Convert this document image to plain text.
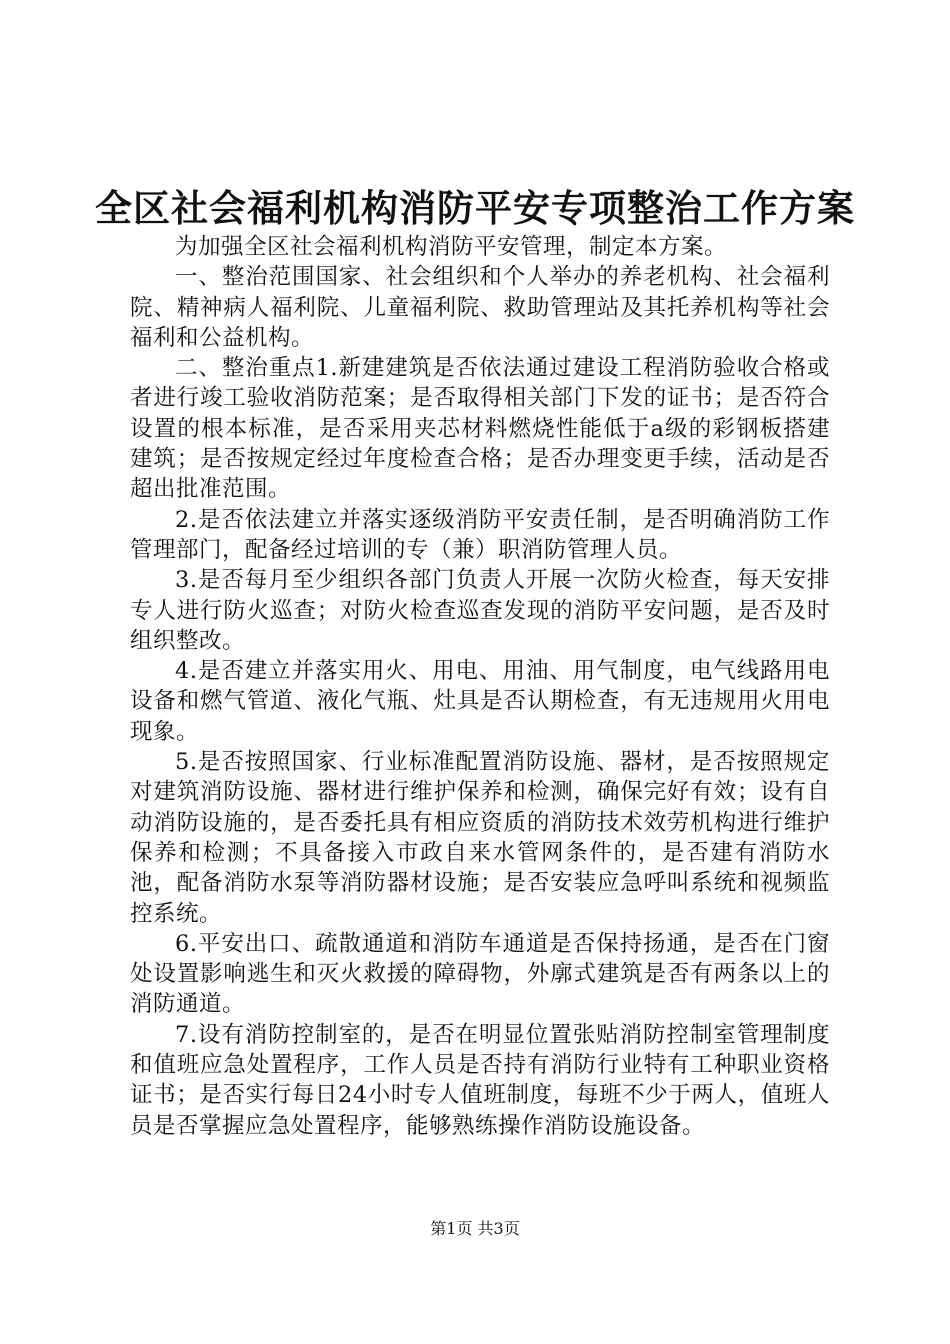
全区社会福利机构消防平安专项整治工作方案

为加强全区社会福利机构消防平安管理，制定本方案。

一、整治范围国家、社会组织和个人举办的养老机构、社会福利院、精神病人福利院、儿童福利院、救助管理站及其托养机构等社会福利和公益机构。

二、整治重点1.新建建筑是否依法通过建设工程消防验收合格或者进行竣工验收消防范案；是否取得相关部门下发的证书；是否符合设置的根本标准，是否采用夹芯材料燃烧性能低于a级的彩钢板搭建建筑；是否按规定经过年度检查合格；是否办理变更手续，活动是否超出批准范围。

2.是否依法建立并落实逐级消防平安责任制，是否明确消防工作管理部门，配备经过培训的专（兼）职消防管理人员。

3.是否每月至少组织各部门负责人开展一次防火检查，每天安排专人进行防火巡查；对防火检查巡查发现的消防平安问题，是否及时组织整改。

4.是否建立并落实用火、用电、用油、用气制度，电气线路用电设备和燃气管道、液化气瓶、灶具是否认期检查，有无违规用火用电现象。

5.是否按照国家、行业标准配置消防设施、器材，是否按照规定对建筑消防设施、器材进行维护保养和检测，确保完好有效；设有自动消防设施的，是否委托具有相应资质的消防技术效劳机构进行维护保养和检测；不具备接入市政自来水管网条件的，是否建有消防水池，配备消防水泵等消防器材设施；是否安装应急呼叫系统和视频监控系统。

6.平安出口、疏散通道和消防车通道是否保持扬通，是否在门窗处设置影响逃生和灭火救援的障碍物，外廓式建筑是否有两条以上的消防通道。

7.设有消防控制室的，是否在明显位置张贴消防控制室管理制度和值班应急处置程序，工作人员是否持有消防行业特有工种职业资格证书；是否实行每日24小时专人值班制度，每班不少于两人，值班人员是否掌握应急处置程序，能够熟练操作消防设施设备。

第1页 共3页
